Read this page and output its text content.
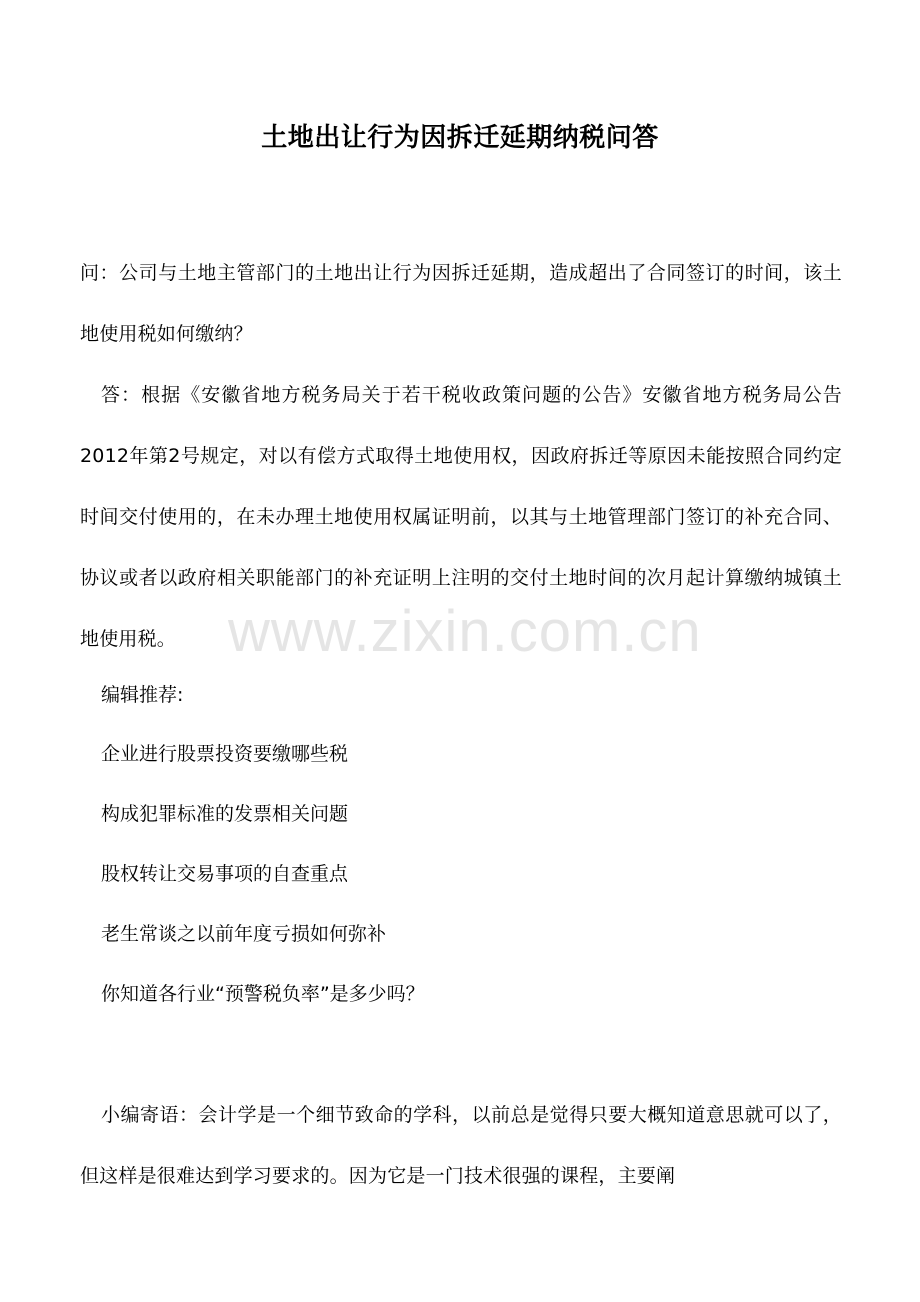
土地出让行为因拆迁延期纳税问答
问：公司与土地主管部门的土地出让行为因拆迁延期，造成超出了合同签订的时间，该土地使用税如何缴纳？
答：根据《安徽省地方税务局关于若干税收政策问题的公告》安徽省地方税务局公告2012年第2号规定，对以有偿方式取得土地使用权，因政府拆迁等原因未能按照合同约定时间交付使用的，在未办理土地使用权属证明前，以其与土地管理部门签订的补充合同、协议或者以政府相关职能部门的补充证明上注明的交付土地时间的次月起计算缴纳城镇土地使用税。
编辑推荐:
企业进行股票投资要缴哪些税
构成犯罪标准的发票相关问题
股权转让交易事项的自查重点
老生常谈之以前年度亏损如何弥补
你知道各行业“预警税负率”是多少吗？
小编寄语：会计学是一个细节致命的学科，以前总是觉得只要大概知道意思就可以了，但这样是很难达到学习要求的。因为它是一门技术很强的课程，主要阐
www.zixin.com.cn
